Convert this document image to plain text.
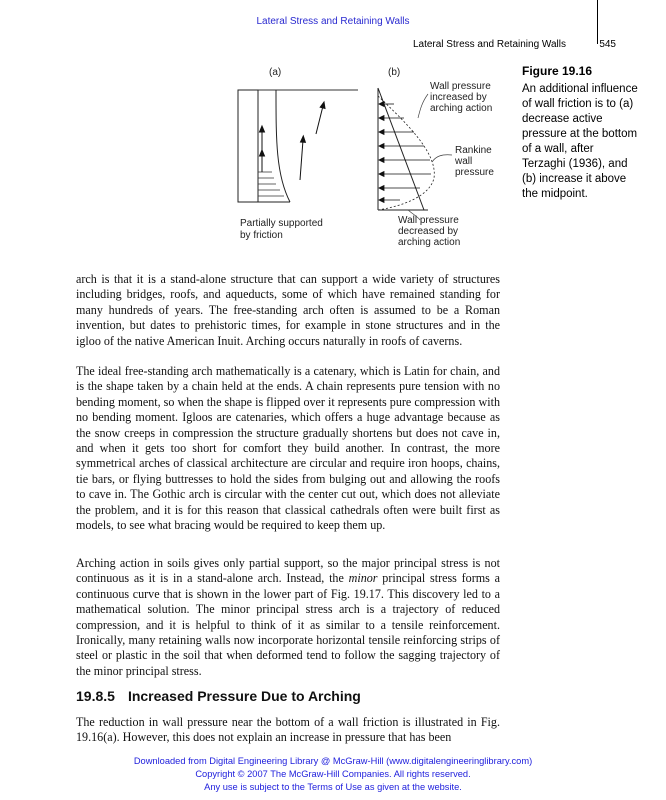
Lateral Stress and Retaining Walls
Lateral Stress and Retaining Walls	545
(a)
Partially supported
by friction
(b)
Wall pressure
increased by
arching action
Rankine
wall
pressure
Wall pressure
decreased by
arching action
Figure 19.16
An additional influence of wall friction is to (a) decrease active pressure at the bottom of a wall, after Terzaghi (1936), and (b) increase it above the midpoint.
arch is that it is a stand-alone structure that can support a wide variety of structures including bridges, roofs, and aqueducts, some of which have remained standing for many hundreds of years. The free-standing arch often is assumed to be a Roman invention, but dates to prehistoric times, for example in stone structures and in the igloo of the native American Inuit. Arching occurs naturally in roofs of caverns.
The ideal free-standing arch mathematically is a catenary, which is Latin for chain, and is the shape taken by a chain held at the ends. A chain represents pure tension with no bending moment, so when the shape is flipped over it represents pure compression with no bending moment. Igloos are catenaries, which offers a huge advantage because as the snow creeps in compression the structure gradually shortens but does not cave in, and when it gets too short for comfort they build another. In contrast, the more symmetrical arches of classical architecture are circular and require iron hoops, chains, tie bars, or flying buttresses to hold the sides from bulging out and allowing the roofs to cave in. The Gothic arch is circular with the center cut out, which does not alleviate the problem, and it is for this reason that classical cathedrals often were built first as models, to see what bracing would be required to keep them up.
Arching action in soils gives only partial support, so the major principal stress is not continuous as it is in a stand-alone arch. Instead, the minor principal stress forms a continuous curve that is shown in the lower part of Fig. 19.17. This discovery led to a mathematical solution. The minor principal stress arch is a trajectory of reduced compression, and it is helpful to think of it as similar to a tensile reinforcement. Ironically, many retaining walls now incorporate horizontal tensile reinforcing strips of steel or plastic in the soil that when deformed tend to follow the sagging trajectory of the minor principal stress.
19.8.5 Increased Pressure Due to Arching
The reduction in wall pressure near the bottom of a wall friction is illustrated in Fig. 19.16(a). However, this does not explain an increase in pressure that has been
Downloaded from Digital Engineering Library @ McGraw-Hill (www.digitalengineeringlibrary.com)
Copyright © 2007 The McGraw-Hill Companies. All rights reserved.
Any use is subject to the Terms of Use as given at the website.
